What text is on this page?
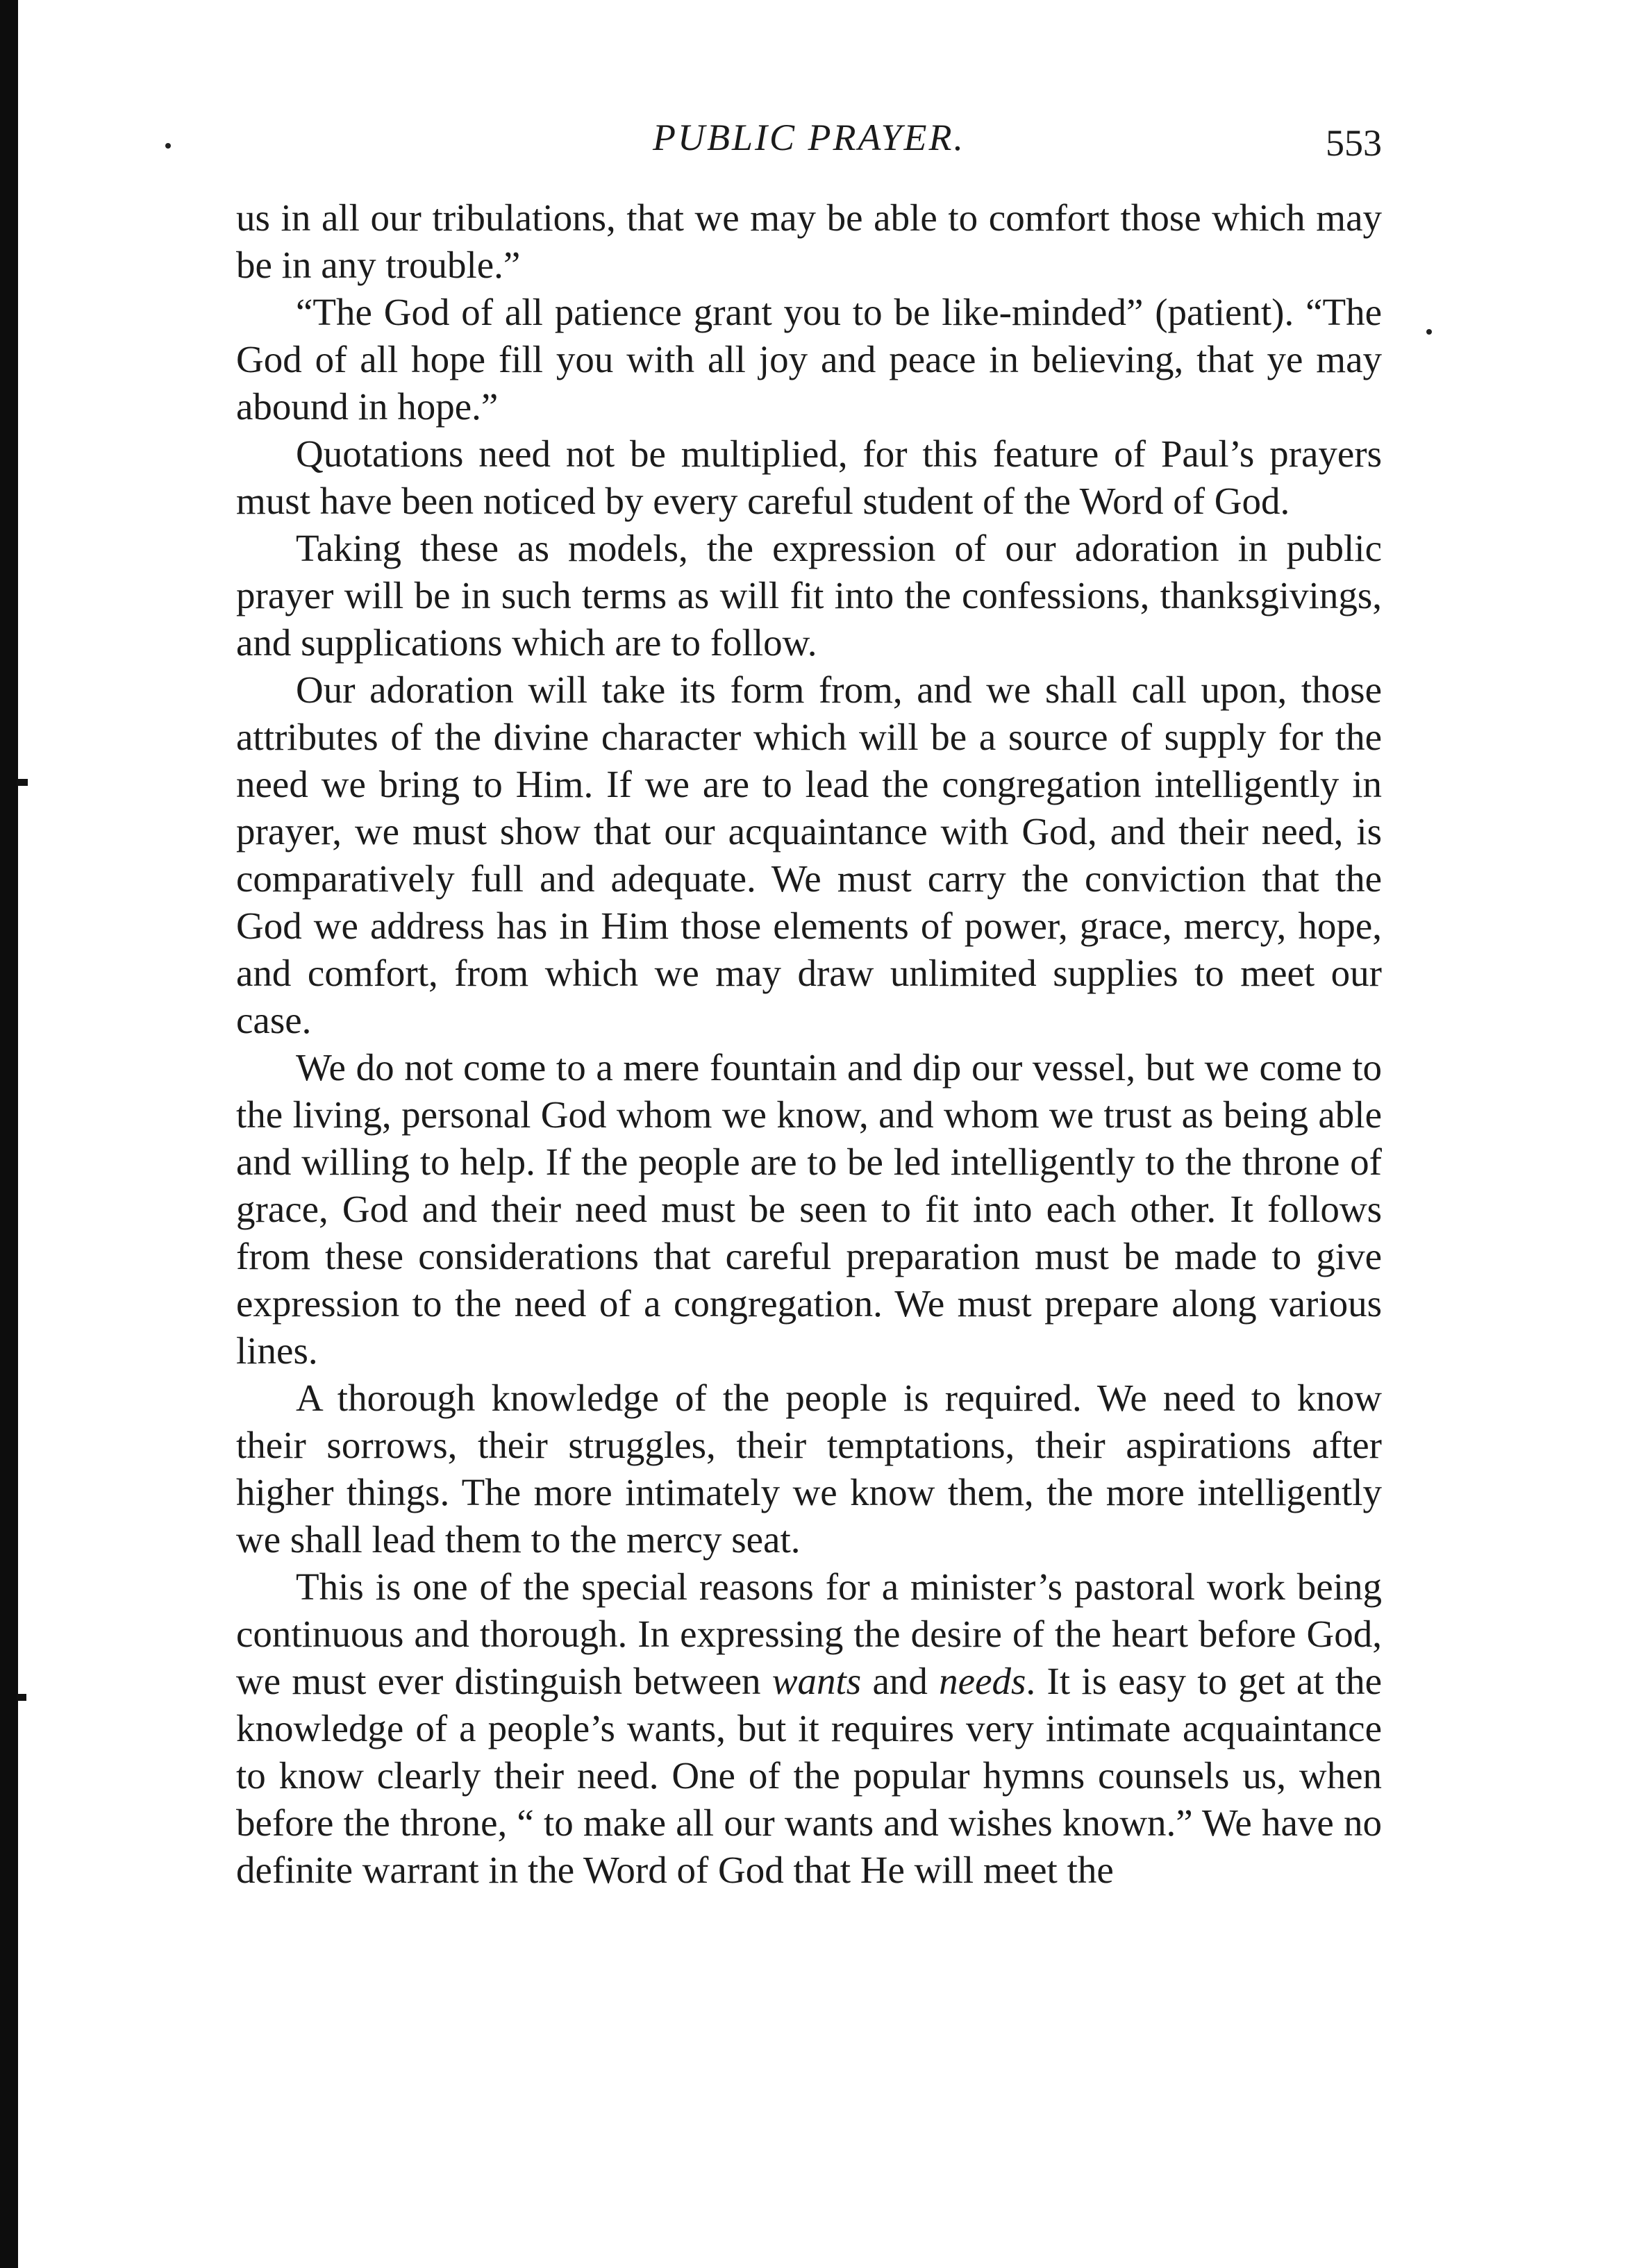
PUBLIC PRAYER.	553

us in all our tribulations, that we may be able to comfort those which may be in any trouble.”

“The God of all patience grant you to be like-minded” (patient). “The God of all hope fill you with all joy and peace in believing, that ye may abound in hope.”

Quotations need not be multiplied, for this feature of Paul’s prayers must have been noticed by every careful student of the Word of God.

Taking these as models, the expression of our adoration in public prayer will be in such terms as will fit into the confessions, thanksgivings, and supplications which are to follow.

Our adoration will take its form from, and we shall call upon, those attributes of the divine character which will be a source of supply for the need we bring to Him. If we are to lead the congregation intelligently in prayer, we must show that our acquaintance with God, and their need, is comparatively full and adequate. We must carry the conviction that the God we address has in Him those elements of power, grace, mercy, hope, and comfort, from which we may draw unlimited supplies to meet our case.

We do not come to a mere fountain and dip our vessel, but we come to the living, personal God whom we know, and whom we trust as being able and willing to help. If the people are to be led intelligently to the throne of grace, God and their need must be seen to fit into each other. It follows from these considerations that careful preparation must be made to give expression to the need of a congregation. We must prepare along various lines.

A thorough knowledge of the people is required. We need to know their sorrows, their struggles, their temptations, their aspirations after higher things. The more intimately we know them, the more intelligently we shall lead them to the mercy seat.

This is one of the special reasons for a minister’s pastoral work being continuous and thorough. In expressing the desire of the heart before God, we must ever distinguish between wants and needs. It is easy to get at the knowledge of a people’s wants, but it requires very intimate acquaintance to know clearly their need. One of the popular hymns counsels us, when before the throne, “ to make all our wants and wishes known.” We have no definite warrant in the Word of God that He will meet the
